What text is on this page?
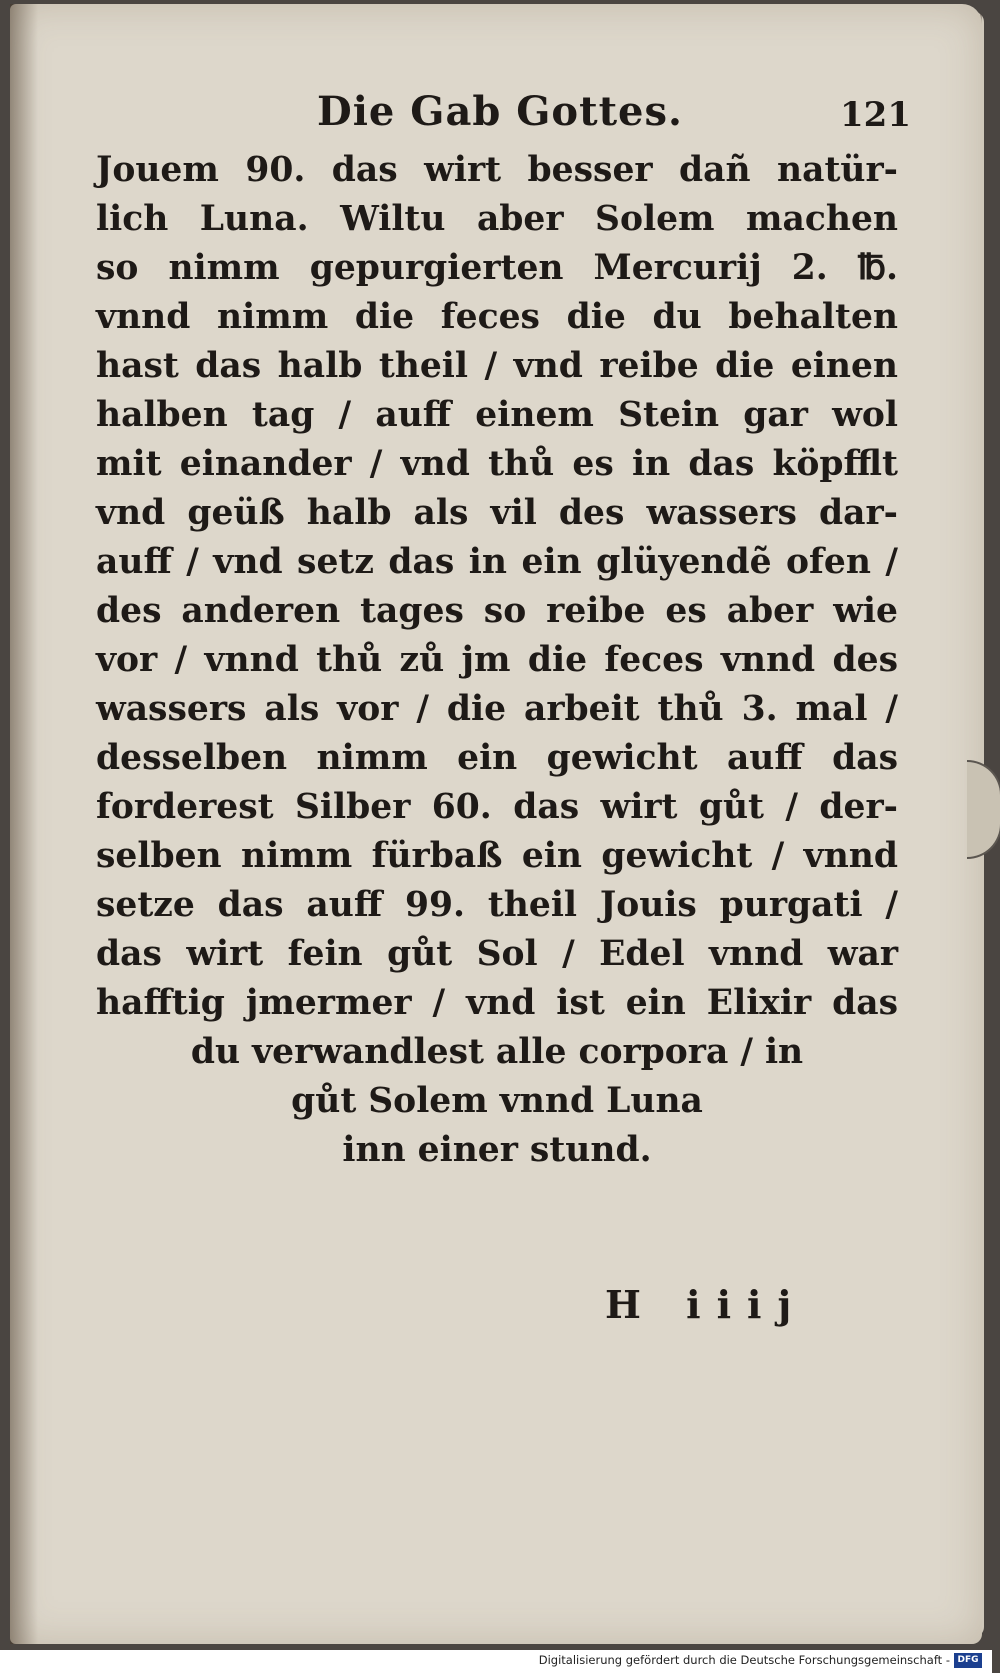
Die Gab Gottes.	121
Jouem 90. das wirt besser dañ natür-
lich Luna. Wiltu aber Solem machen
so nimm gepurgierten Mercurij 2. ℔.
vnnd nimm die feces die du behalten
hast das halb theil / vnd reibe die einen
halben tag / auff einem Stein gar wol
mit einander / vnd thů es in das köpfflt
vnd geüß halb als vil des wassers dar-
auff / vnd setz das in ein glüyendẽ ofen /
des anderen tages so reibe es aber wie
vor / vnnd thů zů jm die feces vnnd des
wassers als vor / die arbeit thů 3. mal /
desselben nimm ein gewicht auff das
forderest Silber 60. das wirt gůt / der-
selben nimm fürbaß ein gewicht / vnnd
setze das auff 99. theil Jouis purgati /
das wirt fein gůt Sol / Edel vnnd war
hafftig jmermer / vnd ist ein Elixir das
du verwandlest alle corpora / in
gůt Solem vnnd Luna
inn einer stund.
H iiij
Digitalisierung gefördert durch die Deutsche Forschungsgemeinschaft - DFG
